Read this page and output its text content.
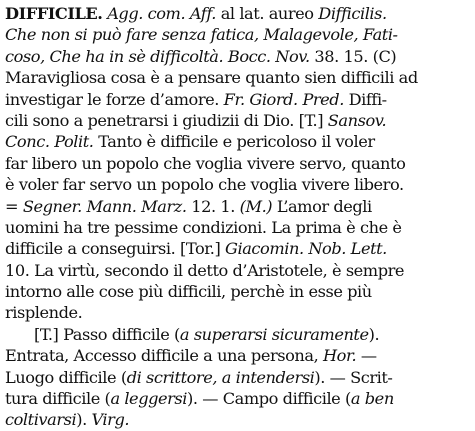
DIFFICILE. Agg. com. Aff. al lat. aureo Difficilis.
Che non si può fare senza fatica, Malagevole, Fati-
coso, Che ha in sè difficoltà. Bocc. Nov. 38. 15. (C)
Maravigliosa cosa è a pensare quanto sien difficili ad
investigar le forze d’amore. Fr. Giord. Pred. Diffi-
cili sono a penetrarsi i giudizii di Dio. [T.] Sansov.
Conc. Polit. Tanto è difficile e pericoloso il voler
far libero un popolo che voglia vivere servo, quanto
è voler far servo un popolo che voglia vivere libero.
= Segner. Mann. Marz. 12. 1. (M.) L’amor degli
uomini ha tre pessime condizioni. La prima è che è
difficile a conseguirsi. [Tor.] Giacomin. Nob. Lett.
10. La virtù, secondo il detto d’Aristotele, è sempre
intorno alle cose più difficili, perchè in esse più
risplende.
[T.] Passo difficile (a superarsi sicuramente).
Entrata, Accesso difficile a una persona, Hor. —
Luogo difficile (di scrittore, a intendersi). — Scrit-
tura difficile (a leggersi). — Campo difficile (a ben
coltivarsi). Virg.
